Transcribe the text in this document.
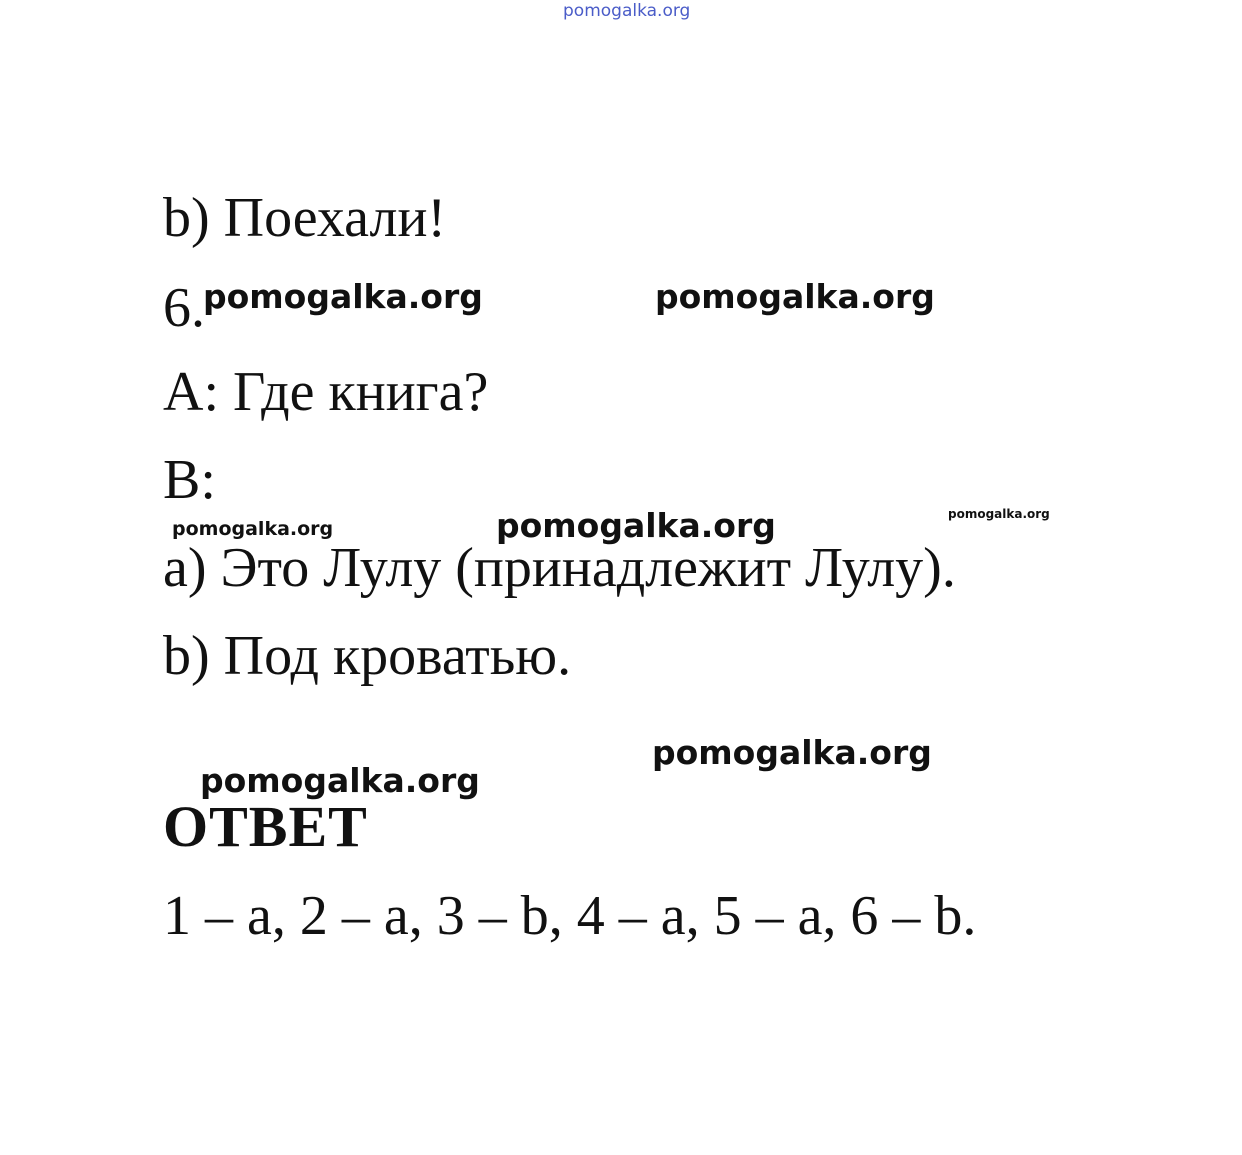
pomogalka.org
b) Поехали!
6.
pomogalka.org	pomogalka.org
A: Где книга?
B:
pomogalka.org	pomogalka.org	pomogalka.org
a) Это Лулу (принадлежит Лулу).
b) Под кроватью.
pomogalka.org
pomogalka.org
ОТВЕТ
1 – a, 2 – a, 3 – b, 4 – a, 5 – a, 6 – b.
